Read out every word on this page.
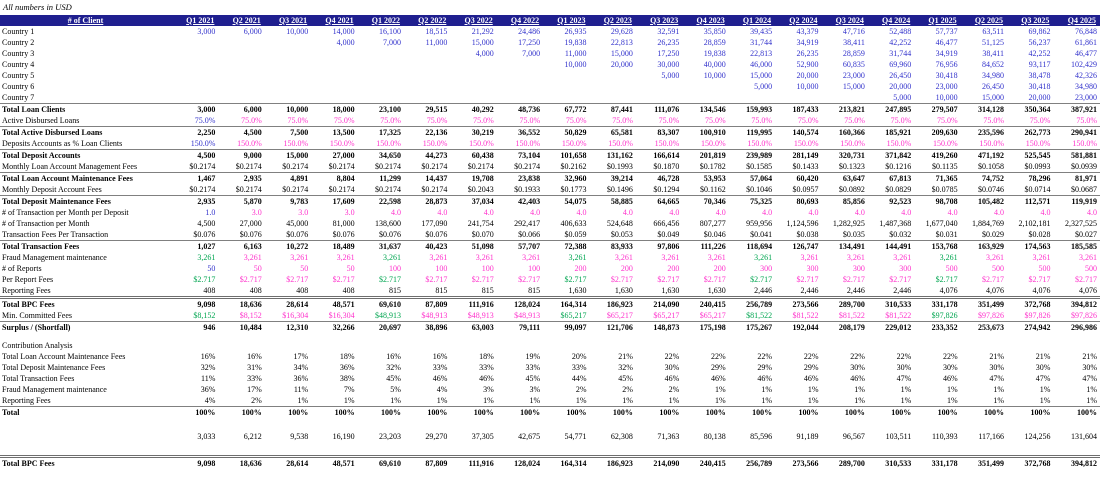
All numbers in USD
# of Client	Q1 2021	Q2 2021	Q3 2021	Q4 2021	Q1 2022	Q2 2022	Q3 2022	Q4 2022	Q1 2023	Q2 2023	Q3 2023	Q4 2023	Q1 2024	Q2 2024	Q3 2024	Q4 2024	Q1 2025	Q2 2025	Q3 2025	Q4 2025
Country 1	3,000	6,000	10,000	14,000	16,100	18,515	21,292	24,486	26,935	29,628	32,591	35,850	39,435	43,379	47,716	52,488	57,737	63,511	69,862	76,848
Country 2				4,000	7,000	11,000	15,000	17,250	19,838	22,813	26,235	28,859	31,744	34,919	38,411	42,252	46,477	51,125	56,237	61,861
Country 3							4,000	7,000	11,000	15,000	17,250	19,838	22,813	26,235	28,859	31,744	34,919	38,411	42,252	46,477
Country 4									10,000	20,000	30,000	40,000	46,000	52,900	60,835	69,960	76,956	84,652	93,117	102,429
Country 5											5,000	10,000	15,000	20,000	23,000	26,450	30,418	34,980	38,478	42,326
Country 6													5,000	10,000	15,000	20,000	23,000	26,450	30,418	34,980
Country 7																5,000	10,000	15,000	20,000	23,000
Total Loan Clients	3,000	6,000	10,000	18,000	23,100	29,515	40,292	48,736	67,772	87,441	111,076	134,546	159,993	187,433	213,821	247,895	279,507	314,128	350,364	387,921
Active Disbursed Loans	75.0%	75.0%	75.0%	75.0%	75.0%	75.0%	75.0%	75.0%	75.0%	75.0%	75.0%	75.0%	75.0%	75.0%	75.0%	75.0%	75.0%	75.0%	75.0%	75.0%
Total Active Disbursed Loans	2,250	4,500	7,500	13,500	17,325	22,136	30,219	36,552	50,829	65,581	83,307	100,910	119,995	140,574	160,366	185,921	209,630	235,596	262,773	290,941
Deposits Accounts as % Loan Clients	150.0%	150.0%	150.0%	150.0%	150.0%	150.0%	150.0%	150.0%	150.0%	150.0%	150.0%	150.0%	150.0%	150.0%	150.0%	150.0%	150.0%	150.0%	150.0%	150.0%
Total Deposit Accounts	4,500	9,000	15,000	27,000	34,650	44,273	60,438	73,104	101,658	131,162	166,614	201,819	239,989	281,149	320,731	371,842	419,260	471,192	525,545	581,881
Monthly Loan Account Management Fees	$0.2174	$0.2174	$0.2174	$0.2174	$0.2174	$0.2174	$0.2174	$0.2174	$0.2162	$0.1993	$0.1870	$0.1782	$0.1585	$0.1433	$0.1323	$0.1216	$0.1135	$0.1058	$0.0993	$0.0939
Total Loan Account Maintenance Fees	1,467	2,935	4,891	8,804	11,299	14,437	19,708	23,838	32,960	39,214	46,728	53,953	57,064	60,420	63,647	67,813	71,365	74,752	78,296	81,971
Monthly Deposit Account Fees	$0.2174	$0.2174	$0.2174	$0.2174	$0.2174	$0.2174	$0.2043	$0.1933	$0.1773	$0.1496	$0.1294	$0.1162	$0.1046	$0.0957	$0.0892	$0.0829	$0.0785	$0.0746	$0.0714	$0.0687
Total Deposit Maintenance Fees	2,935	5,870	9,783	17,609	22,598	28,873	37,034	42,403	54,075	58,885	64,665	70,346	75,325	80,693	85,856	92,523	98,708	105,482	112,571	119,919
# of Transaction per Month per Deposit	1.0	3.0	3.0	3.0	4.0	4.0	4.0	4.0	4.0	4.0	4.0	4.0	4.0	4.0	4.0	4.0	4.0	4.0	4.0	4.0
# of Transaction per Month	4,500	27,000	45,000	81,000	138,600	177,090	241,754	292,417	406,633	524,648	666,456	807,277	959,956	1,124,596	1,282,925	1,487,368	1,677,040	1,884,769	2,102,181	2,327,525
Transaction Fees Per Transaction	$0.076	$0.076	$0.076	$0.076	$0.076	$0.076	$0.070	$0.066	$0.059	$0.053	$0.049	$0.046	$0.041	$0.038	$0.035	$0.032	$0.031	$0.029	$0.028	$0.027
Total Transaction Fees	1,027	6,163	10,272	18,489	31,637	40,423	51,098	57,707	72,388	83,933	97,806	111,226	118,694	126,747	134,491	144,491	153,768	163,929	174,563	185,585
Fraud Management maintenance	3,261	3,261	3,261	3,261	3,261	3,261	3,261	3,261	3,261	3,261	3,261	3,261	3,261	3,261	3,261	3,261	3,261	3,261	3,261	3,261
# of Reports	50	50	50	50	100	100	100	100	200	200	200	200	300	300	300	300	500	500	500	500
Per Report Fees	$2.717	$2.717	$2.717	$2.717	$2.717	$2.717	$2.717	$2.717	$2.717	$2.717	$2.717	$2.717	$2.717	$2.717	$2.717	$2.717	$2.717	$2.717	$2.717	$2.717
Reporting Fees	408	408	408	408	815	815	815	815	1,630	1,630	1,630	1,630	2,446	2,446	2,446	2,446	4,076	4,076	4,076	4,076
Total BPC Fees	9,098	18,636	28,614	48,571	69,610	87,809	111,916	128,024	164,314	186,923	214,090	240,415	256,789	273,566	289,700	310,533	331,178	351,499	372,768	394,812
Min. Committed Fees	$8,152	$8,152	$16,304	$16,304	$48,913	$48,913	$48,913	$48,913	$65,217	$65,217	$65,217	$65,217	$81,522	$81,522	$81,522	$81,522	$97,826	$97,826	$97,826	$97,826
Surplus / (Shortfall)	946	10,484	12,310	32,266	20,697	38,896	63,003	79,111	99,097	121,706	148,873	175,198	175,267	192,044	208,179	229,012	233,352	253,673	274,942	296,986

Contribution Analysis																				
Total Loan Account Maintenance Fees	16%	16%	17%	18%	16%	16%	18%	19%	20%	21%	22%	22%	22%	22%	22%	22%	22%	21%	21%	21%
Total Deposit Maintenance Fees	32%	31%	34%	36%	32%	33%	33%	33%	33%	32%	30%	29%	29%	29%	30%	30%	30%	30%	30%	30%
Total Transaction Fees	11%	33%	36%	38%	45%	46%	46%	45%	44%	45%	46%	46%	46%	46%	46%	47%	46%	47%	47%	47%
Fraud Management maintenance	36%	17%	11%	7%	5%	4%	3%	3%	2%	2%	2%	1%	1%	1%	1%	1%	1%	1%	1%	1%
Reporting Fees	4%	2%	1%	1%	1%	1%	1%	1%	1%	1%	1%	1%	1%	1%	1%	1%	1%	1%	1%	1%
Total	100%	100%	100%	100%	100%	100%	100%	100%	100%	100%	100%	100%	100%	100%	100%	100%	100%	100%	100%	100%

	3,033	6,212	9,538	16,190	23,203	29,270	37,305	42,675	54,771	62,308	71,363	80,138	85,596	91,189	96,567	103,511	110,393	117,166	124,256	131,604

Total BPC Fees	9,098	18,636	28,614	48,571	69,610	87,809	111,916	128,024	164,314	186,923	214,090	240,415	256,789	273,566	289,700	310,533	331,178	351,499	372,768	394,812
